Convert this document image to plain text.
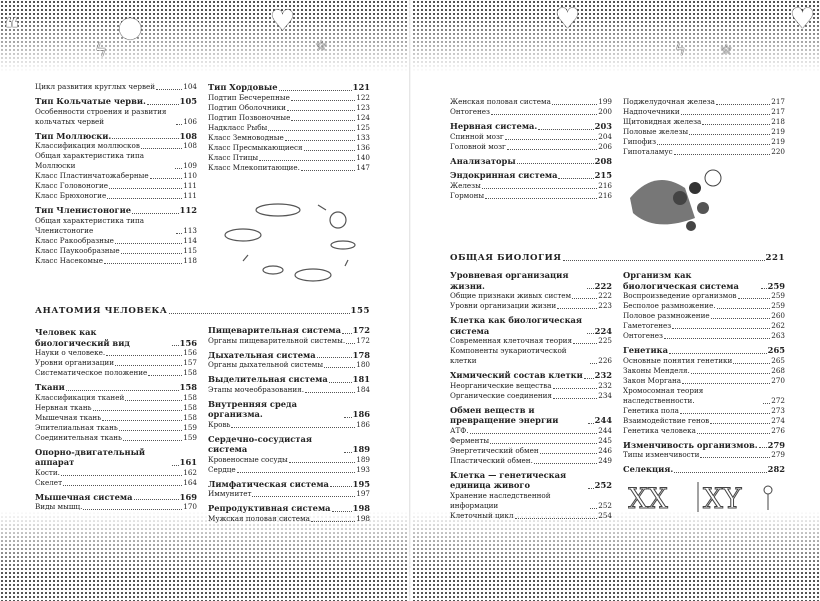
❝	●	♥
ϟ	☆
♥	♥
ϟ ☆
Цикл развития круглых червей	104
Тип Кольчатые черви.	105
Особенности строения и развития кольчатых червей	106
Тип Моллюски.	108
Классификация моллюсков	108
Общая характеристика типа Моллюски	109
Класс Пластинчатожаберные	110
Класс Головоногие	111
Класс Брюхоногие	111
Тип Членистоногие	112
Общая характеристика типа Членистоногие	113
Класс Ракообразные	114
Класс Паукообразные	115
Класс Насекомые	118
Тип Хордовые	121
Подтип Бесчерепные	122
Подтип Оболочники	123
Подтип Позвоночные	124
Надкласс Рыбы	125
Класс Земноводные	133
Класс Пресмыкающиеся	136
Класс Птицы	140
Класс Млекопитающие.	147
АНАТОМИЯ ЧЕЛОВЕКА	155
Человек как биологический вид	156
Науки о человеке.	156
Уровни организации	157
Систематическое положение	158
Ткани	158
Классификация тканей	158
Нервная ткань	158
Мышечная ткань	158
Эпителиальная ткань	159
Соединительная ткань	159
Опорно-двигательный аппарат	161
Кости.	162
Скелет	164
Мышечная система	169
Виды мышц.	170
Пищеварительная система 172
Органы пищеварительной системы. 172
Дыхательная система	178
Органы дыхательной системы	180
Выделительная система	181
Этапы мочеобразования.	184
Внутренняя среда организма.	186
Кровь	186
Сердечно-сосудистая система	189
Кровеносные сосуды	189
Сердце	193
Лимфатическая система	195
Иммунитет	197
Репродуктивная система	198
Мужская половая система	198
Женская половая система	199
Онтогенез	200
Нервная система.	203
Спинной мозг	204
Головной мозг	206
Анализаторы	208
Эндокринная система	215
Железы	216
Гормоны	216
Поджелудочная железа	217
Надпочечники	217
Щитовидная железа	218
Половые железы	219
Гипофиз	219
Гипоталамус	220
ОБЩАЯ БИОЛОГИЯ	221
Уровневая организация жизни.	222
Общие признаки живых систем	222
Уровни организации жизни	223
Клетка как биологическая система	224
Современная клеточная теория	225
Компоненты эукариотической клетки	226
Химический состав клетки 232
Неорганические вещества	232
Органические соединения	234
Обмен веществ и превращение энергии	244
АТФ.	244
Ферменты	245
Энергетический обмен	246
Пластический обмен.	249
Клетка — генетическая единица живого	252
Хранение наследственной информации	252
Клеточный цикл	254
Организм как биологическая система	259
Воспроизведение организмов	259
Бесполое размножение.	259
Половое размножение	260
Гаметогенез	262
Онтогенез	263
Генетика	265
Основные понятия генетики	265
Законы Менделя.	268
Закон Моргана	270
Хромосомная теория наследственности.	272
Генетика пола	273
Взаимодействие генов	274
Генетика человека	276
Изменчивость организмов. 279
Типы изменчивости	279
Селекция.	282
XX XY
